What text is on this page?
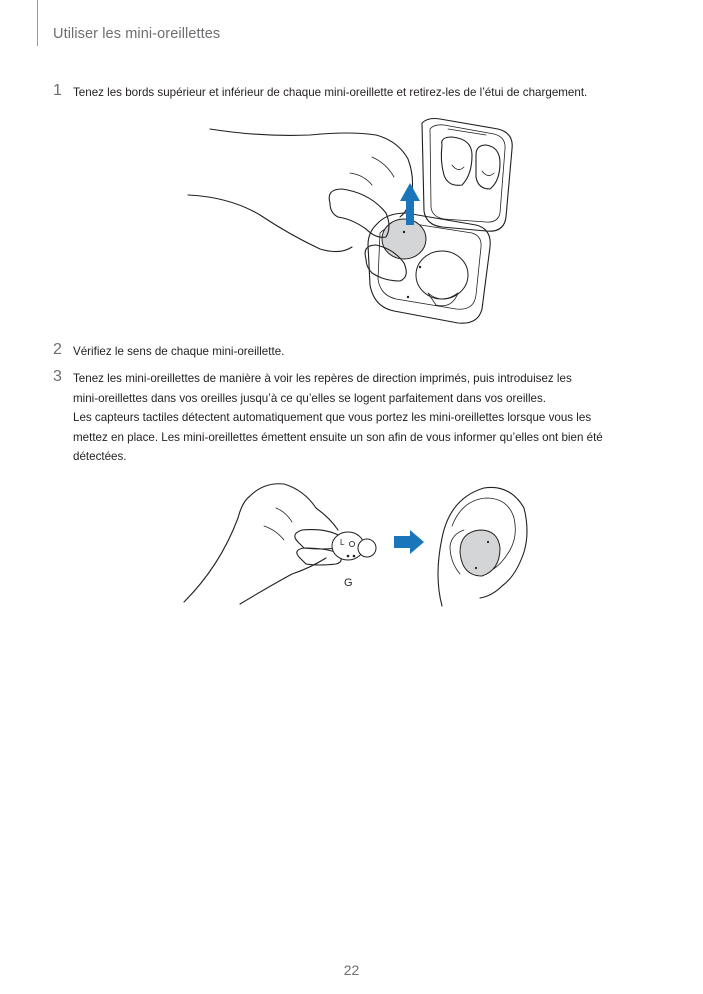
Utiliser les mini-oreillettes
1 Tenez les bords supérieur et inférieur de chaque mini-oreillette et retirez-les de l’étui de chargement.

2 Vérifiez le sens de chaque mini-oreillette.

3 Tenez les mini-oreillettes de manière à voir les repères de direction imprimés, puis introduisez les

mini-oreillettes dans vos oreilles jusqu’à ce qu’elles se logent parfaitement dans vos oreilles.

Les capteurs tactiles détectent automatiquement que vous portez les mini-oreillettes lorsque vous les

mettez en place. Les mini-oreillettes émettent ensuite un son afin de vous informer qu’elles ont bien été

détectées.

L
G
22
